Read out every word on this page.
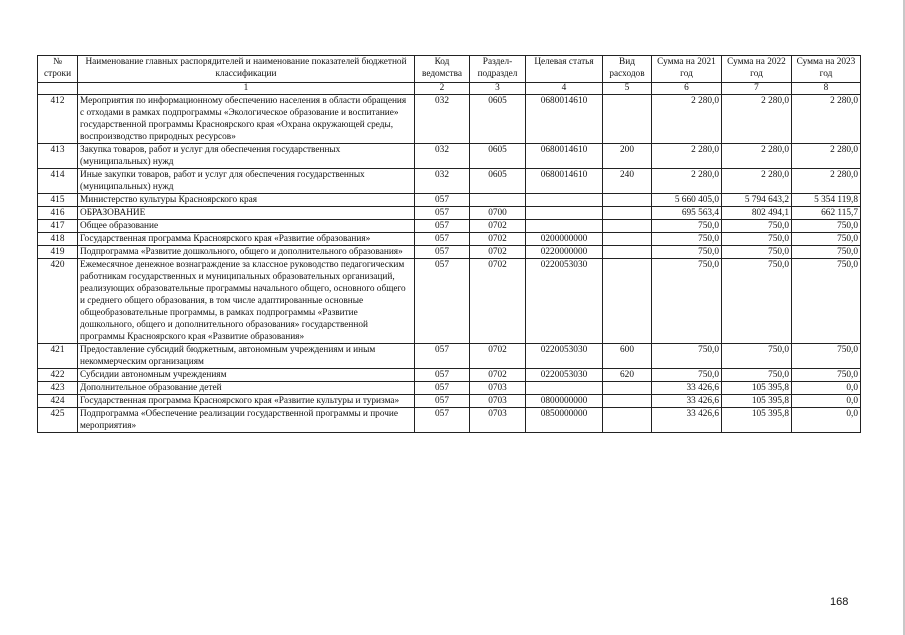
№ строки	Наименование главных распорядителей и наименование показателей бюджетной классификации	Код ведомства	Раздел-подраздел	Целевая статья	Вид расходов	Сумма на 2021 год	Сумма на 2022 год	Сумма на 2023 год
	1	2	3	4	5	6	7	8
412	Мероприятия по информационному обеспечению населения в области обращения с отходами в рамках подпрограммы «Экологическое образование и воспитание» государственной программы Красноярского края «Охрана окружающей среды, воспроизводство природных ресурсов»	032	0605	0680014610		2 280,0	2 280,0	2 280,0
413	Закупка товаров, работ и услуг для обеспечения государственных (муниципальных) нужд	032	0605	0680014610	200	2 280,0	2 280,0	2 280,0
414	Иные закупки товаров, работ и услуг для обеспечения государственных (муниципальных) нужд	032	0605	0680014610	240	2 280,0	2 280,0	2 280,0
415	Министерство культуры Красноярского края	057				5 660 405,0	5 794 643,2	5 354 119,8
416	ОБРАЗОВАНИЕ	057	0700			695 563,4	802 494,1	662 115,7
417	Общее образование	057	0702			750,0	750,0	750,0
418	Государственная программа Красноярского края «Развитие образования»	057	0702	0200000000		750,0	750,0	750,0
419	Подпрограмма «Развитие дошкольного, общего и дополнительного образования»	057	0702	0220000000		750,0	750,0	750,0
420	Ежемесячное денежное вознаграждение за классное руководство педагогическим работникам государственных и муниципальных образовательных организаций, реализующих образовательные программы начального общего, основного общего и среднего общего образования, в том числе адаптированные основные общеобразовательные программы, в рамках подпрограммы «Развитие дошкольного, общего и дополнительного образования» государственной программы Красноярского края «Развитие образования»	057	0702	0220053030		750,0	750,0	750,0
421	Предоставление субсидий бюджетным, автономным учреждениям и иным некоммерческим организациям	057	0702	0220053030	600	750,0	750,0	750,0
422	Субсидии автономным учреждениям	057	0702	0220053030	620	750,0	750,0	750,0
423	Дополнительное образование детей	057	0703			33 426,6	105 395,8	0,0
424	Государственная программа Красноярского края «Развитие культуры и туризма»	057	0703	0800000000		33 426,6	105 395,8	0,0
425	Подпрограмма «Обеспечение реализации государственной программы и прочие мероприятия»	057	0703	0850000000		33 426,6	105 395,8	0,0
168
